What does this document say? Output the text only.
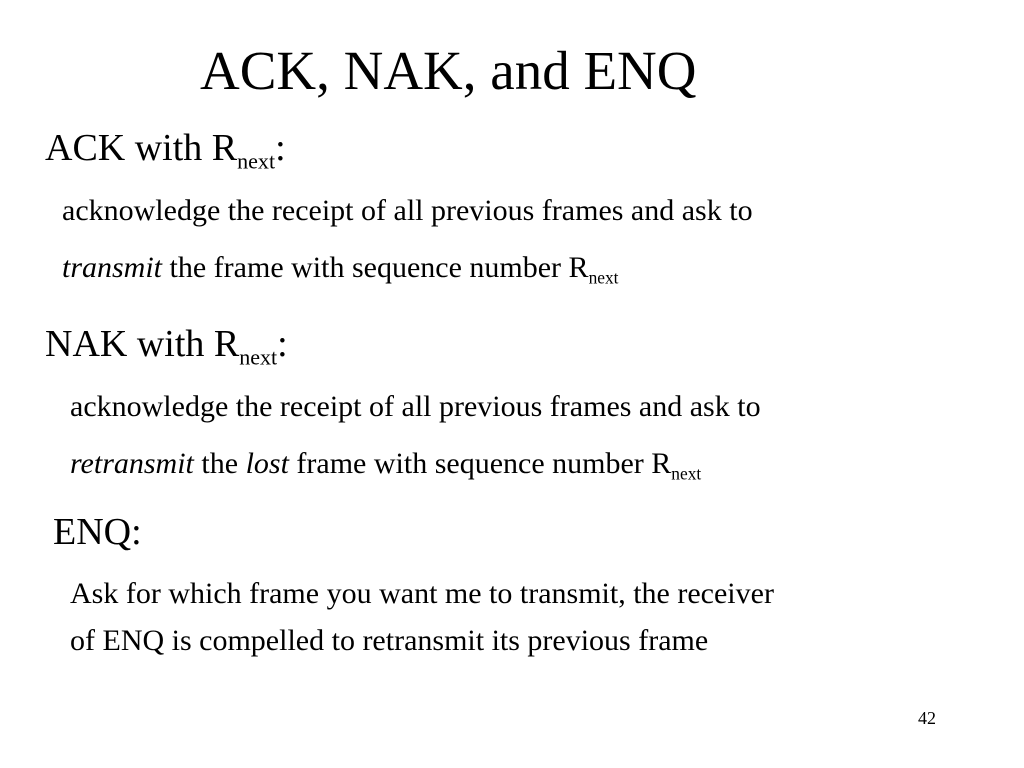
ACK, NAK, and ENQ
ACK with $R_{next}$:
acknowledge the receipt of all previous frames and ask to
transmit the frame with sequence number $R_{next}$
NAK with $R_{next}$:
acknowledge the receipt of all previous frames and ask to
retransmit the lost frame with sequence number $R_{next}$
ENQ:
Ask for which frame you want me to transmit, the receiver
of ENQ is compelled to retransmit its previous frame
42
